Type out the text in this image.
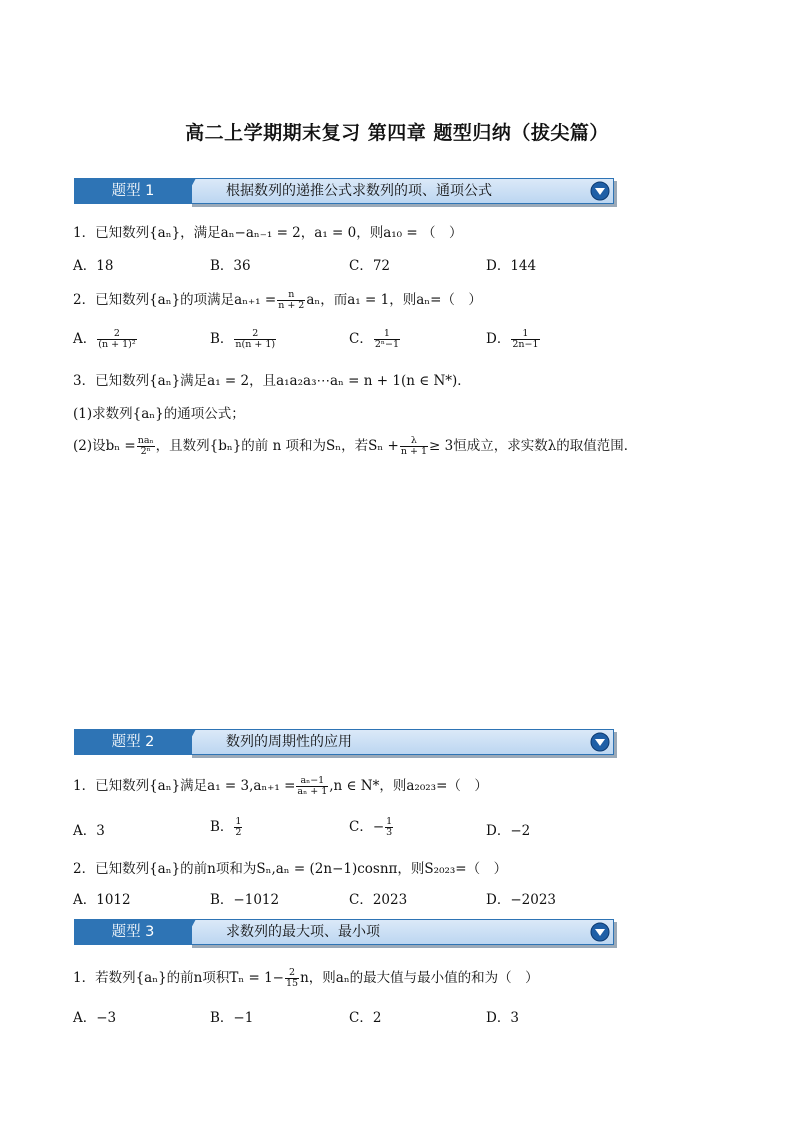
高二上学期期末复习 第四章 题型归纳（拔尖篇）
题型 1	根据数列的递推公式求数列的项、通项公式
1．已知数列{aₙ}，满足aₙ−aₙ₋₁ = 2，a₁ = 0，则a₁₀ = （　）
A．18	B．36	C．72	D．144
2．已知数列{aₙ}的项满足$a_{n+1} = \frac{n}{n + 2}$ aₙ，而a₁ = 1，则aₙ=（　）
A． $\frac{2}{\text{(n + 1)²}}$	B． $\frac{2}{n(n + 1)}$	C． $\frac{1}{\text{2ⁿ−1}}$	D． $\frac{1}{2n-1}$
3．已知数列{aₙ}满足a₁ = 2，且a₁a₂a₃⋯aₙ = n + 1(n ∈ N*)．
(1)求数列{aₙ}的通项公式；
(2)设$b_n = \frac{\text{naₙ}}{\text{2ⁿ}}$ ，且数列{bₙ}的前 n 项和为Sₙ，若$S_n + \frac{\lambda}{n + 1} \ge 3$恒成立，求实数λ的取值范围．
题型 2	数列的周期性的应用
1．已知数列{aₙ}满足$a_1 = 3,a_{n+1} = \frac{\text{aₙ−1}}{\text{aₙ + 1}} ,n$ ∈ N*，则a₂₀₂₃=（　）
A．3	B． $\frac{1}{2}$	C．− $\frac{1}{3}$	D．−2
2．已知数列{aₙ}的前n项和为Sₙ,aₙ = (2n−1)cosnπ，则S₂₀₂₃=（　）
A．1012	B．−1012	C．2023	D．−2023
题型 3	求数列的最大项、最小项
1．若数列{aₙ}的前n项积$T_n = 1- \frac{2}{15}$ n，则aₙ的最大值与最小值的和为（　）
A．−3	B．−1	C．2	D．3
